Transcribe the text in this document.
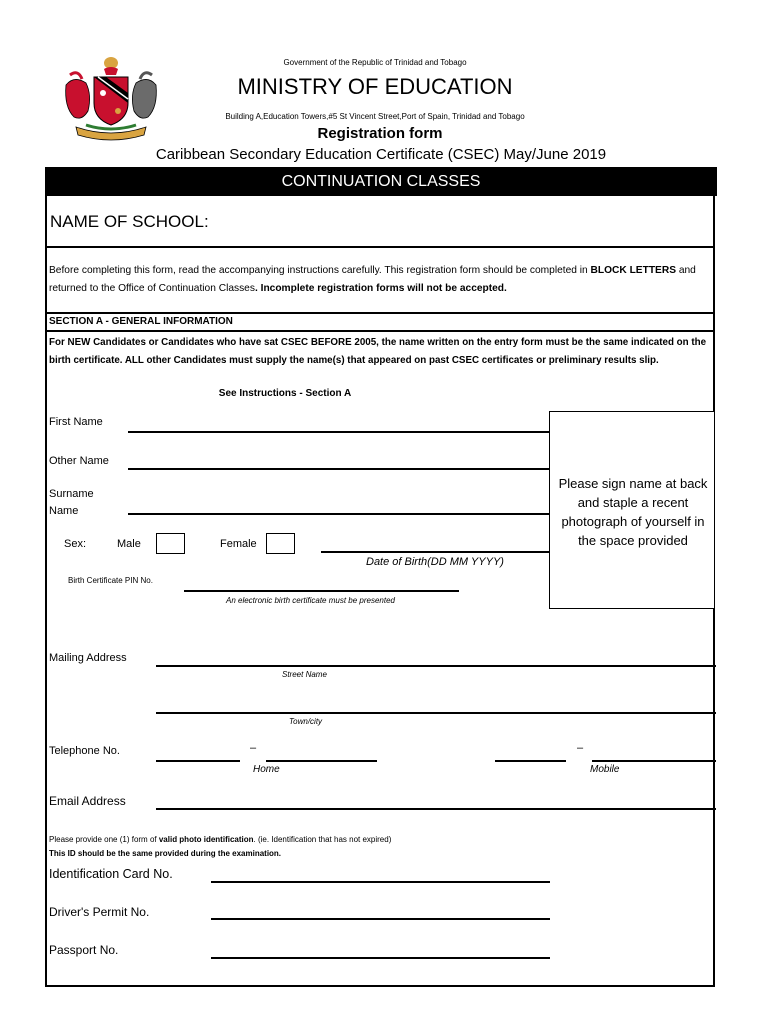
Government of the Republic of Trinidad and Tobago
MINISTRY OF EDUCATION
Building A,Education Towers,#5 St Vincent Street,Port of Spain, Trinidad and Tobago
Registration form
Caribbean Secondary Education Certificate (CSEC) May/June 2019
CONTINUATION CLASSES
NAME OF SCHOOL:
Before completing this form, read the accompanying instructions carefully. This registration form should be completed in BLOCK LETTERS and returned to the Office of Continuation Classes. Incomplete registration forms will not be accepted.
SECTION A - GENERAL INFORMATION
For NEW Candidates or Candidates who have sat CSEC BEFORE 2005, the name written on the entry form must be the same indicated on the birth certificate. ALL other Candidates must supply the name(s) that appeared on past CSEC certificates or preliminary results slip.
See Instructions - Section A
Please sign name at back and staple a recent photograph of yourself in the space provided
First Name
Other Name
Surname
Name
Sex:	Male	Female
Date of Birth(DD MM YYYY)
Birth Certificate PIN No.
An electronic birth certificate must be presented
Mailing Address
Street Name
Town/city
Telephone No.	–
Home
–
Mobile
Email Address
Please provide one (1) form of valid photo identification. (ie. Identification that has not expired)
This ID should be the same provided during the examination.
Identification Card No.
Driver's Permit No.
Passport No.
